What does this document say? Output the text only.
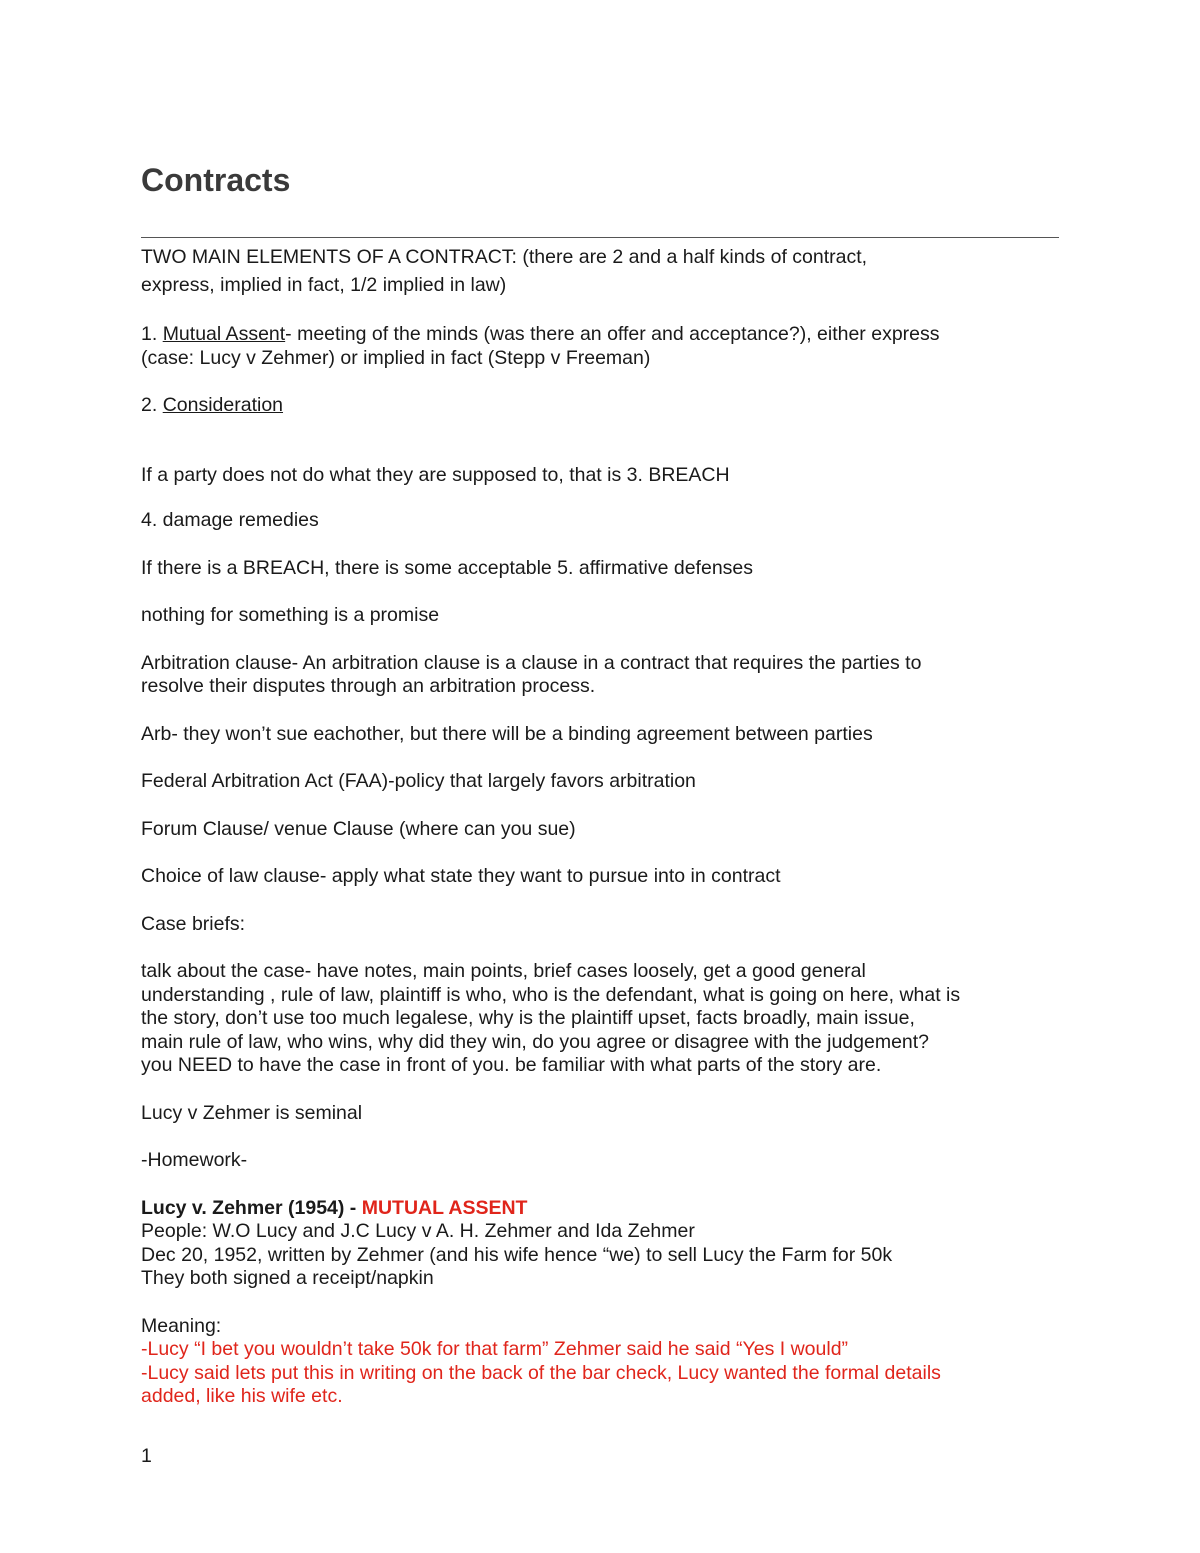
Contracts

TWO MAIN ELEMENTS OF A CONTRACT: (there are 2 and a half kinds of contract,

express, implied in fact, 1/2 implied in law)

1. Mutual Assent- meeting of the minds (was there an offer and acceptance?), either express

(case: Lucy v Zehmer) or implied in fact (Stepp v Freeman)

2. Consideration

If a party does not do what they are supposed to, that is 3. BREACH

4. damage remedies

If there is a BREACH, there is some acceptable 5. affirmative defenses

nothing for something is a promise

Arbitration clause- An arbitration clause is a clause in a contract that requires the parties to

resolve their disputes through an arbitration process.

Arb- they won’t sue eachother, but there will be a binding agreement between parties

Federal Arbitration Act (FAA)-policy that largely favors arbitration

Forum Clause/ venue Clause (where can you sue)

Choice of law clause- apply what state they want to pursue into in contract

Case briefs:

talk about the case- have notes, main points, brief cases loosely, get a good general

understanding , rule of law, plaintiff is who, who is the defendant, what is going on here, what is

the story, don’t use too much legalese, why is the plaintiff upset, facts broadly, main issue,

main rule of law, who wins, why did they win, do you agree or disagree with the judgement?

you NEED to have the case in front of you. be familiar with what parts of the story are.

Lucy v Zehmer is seminal

-Homework-

Lucy v. Zehmer (1954) - MUTUAL ASSENT

People: W.O Lucy and J.C Lucy v A. H. Zehmer and Ida Zehmer

Dec 20, 1952, written by Zehmer (and his wife hence “we) to sell Lucy the Farm for 50k

They both signed a receipt/napkin

Meaning:

-Lucy “I bet you wouldn’t take 50k for that farm” Zehmer said he said “Yes I would”

-Lucy said lets put this in writing on the back of the bar check, Lucy wanted the formal details

added, like his wife etc.

1
